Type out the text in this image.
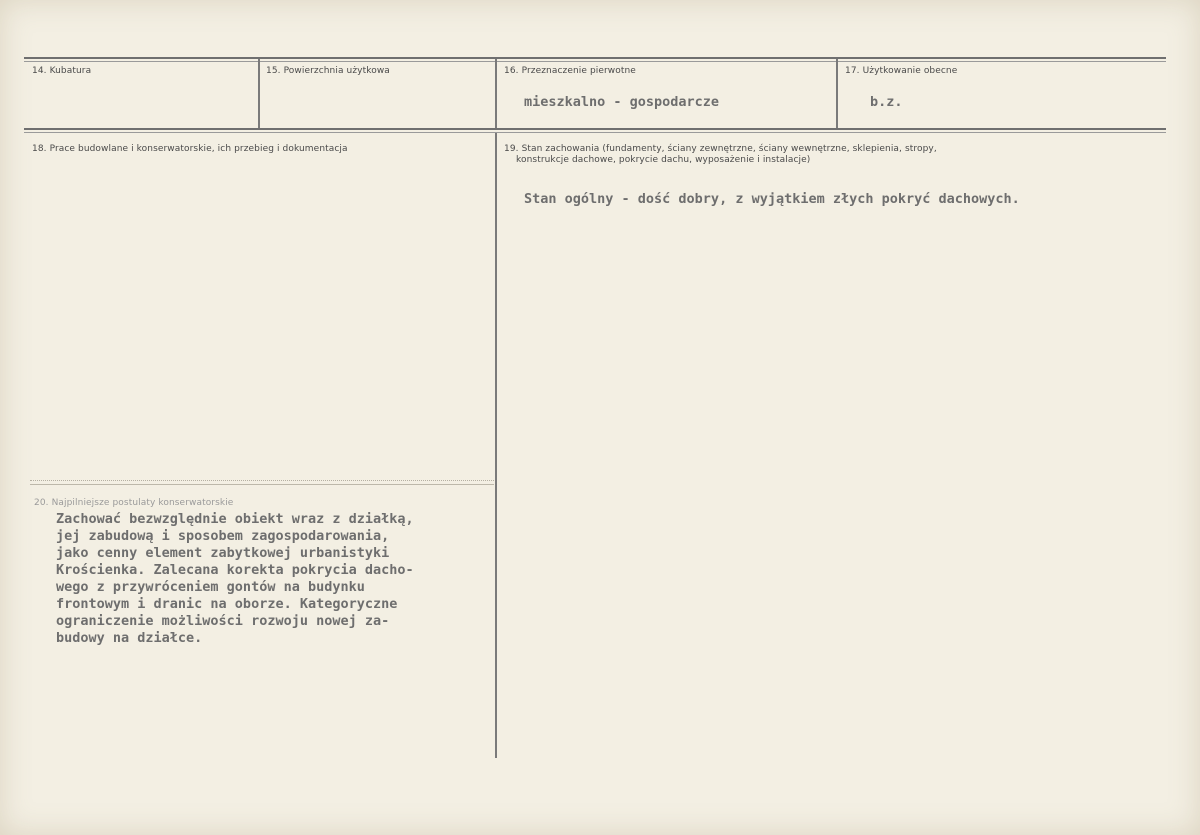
14. Kubatura	15. Powierzchnia użytkowa	16. Przeznaczenie pierwotne
mieszkalno - gospodarcze
17. Użytkowanie obecne
b.z.
18. Prace budowlane i konserwatorskie, ich przebieg i dokumentacja	19. Stan zachowania (fundamenty, ściany zewnętrzne, ściany wewnętrzne, sklepienia, stropy,
konstrukcje dachowe, pokrycie dachu, wyposażenie i instalacje)
Stan ogólny - dość dobry, z wyjątkiem złych pokryć dachowych.
20. Najpilniejsze postulaty konserwatorskie
Zachować bezwzględnie obiekt wraz z działką,
jej zabudową i sposobem zagospodarowania,
jako cenny element zabytkowej urbanistyki
Krościenka. Zalecana korekta pokrycia dacho-
wego z przywróceniem gontów na budynku
frontowym i dranic na oborze. Kategoryczne
ograniczenie możliwości rozwoju nowej za-
budowy na działce.
